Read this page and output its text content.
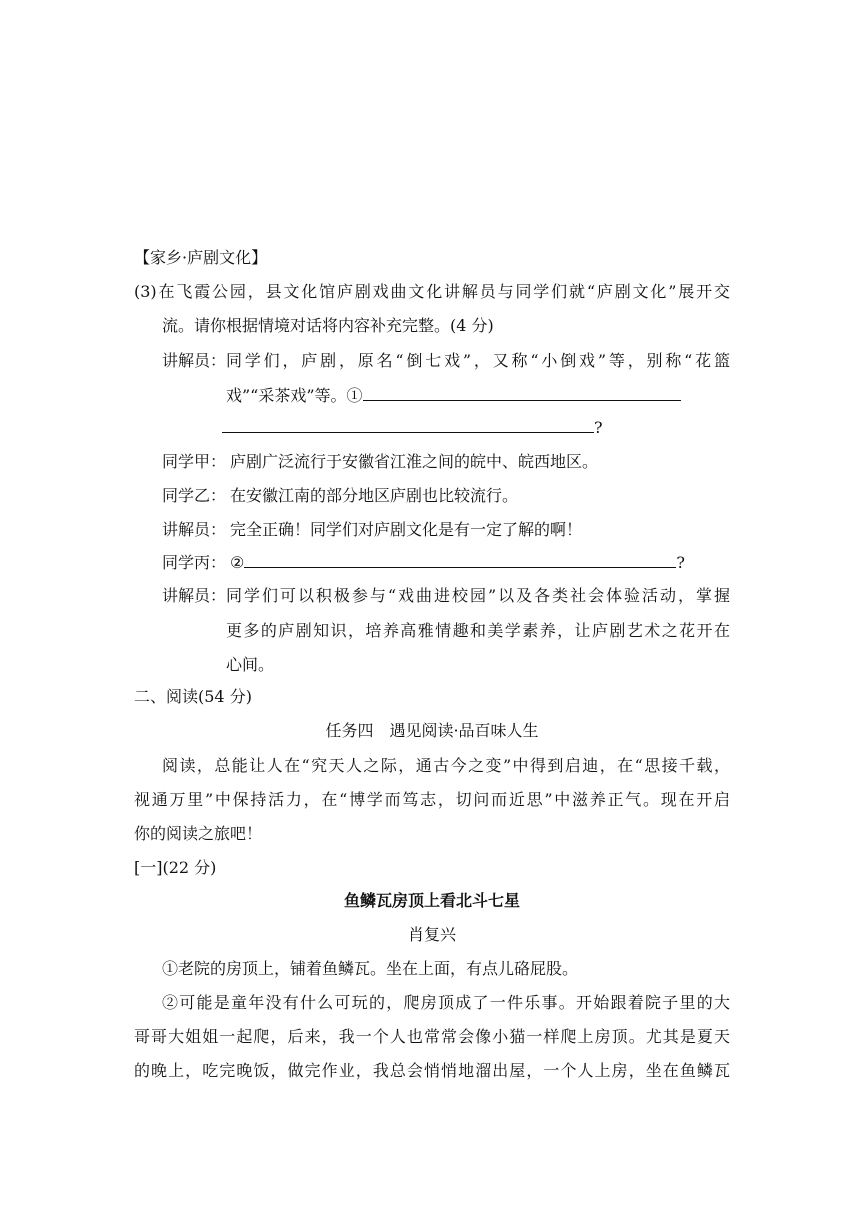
【家乡·庐剧文化】
(3)在飞霞公园，县文化馆庐剧戏曲文化讲解员与同学们就“庐剧文化”展开交
流。请你根据情境对话将内容补充完整。(4 分)
讲解员： 同学们，庐剧，原名“倒七戏”，又称“小倒戏”等，别称“花篮
戏”“采茶戏”等。①
?
同学甲： 庐剧广泛流行于安徽省江淮之间的皖中、皖西地区。
同学乙： 在安徽江南的部分地区庐剧也比较流行。
讲解员： 完全正确！同学们对庐剧文化是有一定了解的啊！
同学丙： ②	?
讲解员： 同学们可以积极参与“戏曲进校园”以及各类社会体验活动，掌握
更多的庐剧知识，培养高雅情趣和美学素养，让庐剧艺术之花开在
心间。
二、阅读(54 分)
任务四　遇见阅读·品百味人生
阅读，总能让人在“究天人之际，通古今之变”中得到启迪，在“思接千载，
视通万里”中保持活力，在“博学而笃志，切问而近思”中滋养正气。现在开启
你的阅读之旅吧！
[一](22 分)
鱼鳞瓦房顶上看北斗七星
肖复兴
①老院的房顶上，铺着鱼鳞瓦。坐在上面，有点儿硌屁股。
②可能是童年没有什么可玩的，爬房顶成了一件乐事。开始跟着院子里的大
哥哥大姐姐一起爬，后来，我一个人也常常会像小猫一样爬上房顶。尤其是夏天
的晚上，吃完晚饭，做完作业，我总会悄悄地溜出屋，一个人上房，坐在鱼鳞瓦
